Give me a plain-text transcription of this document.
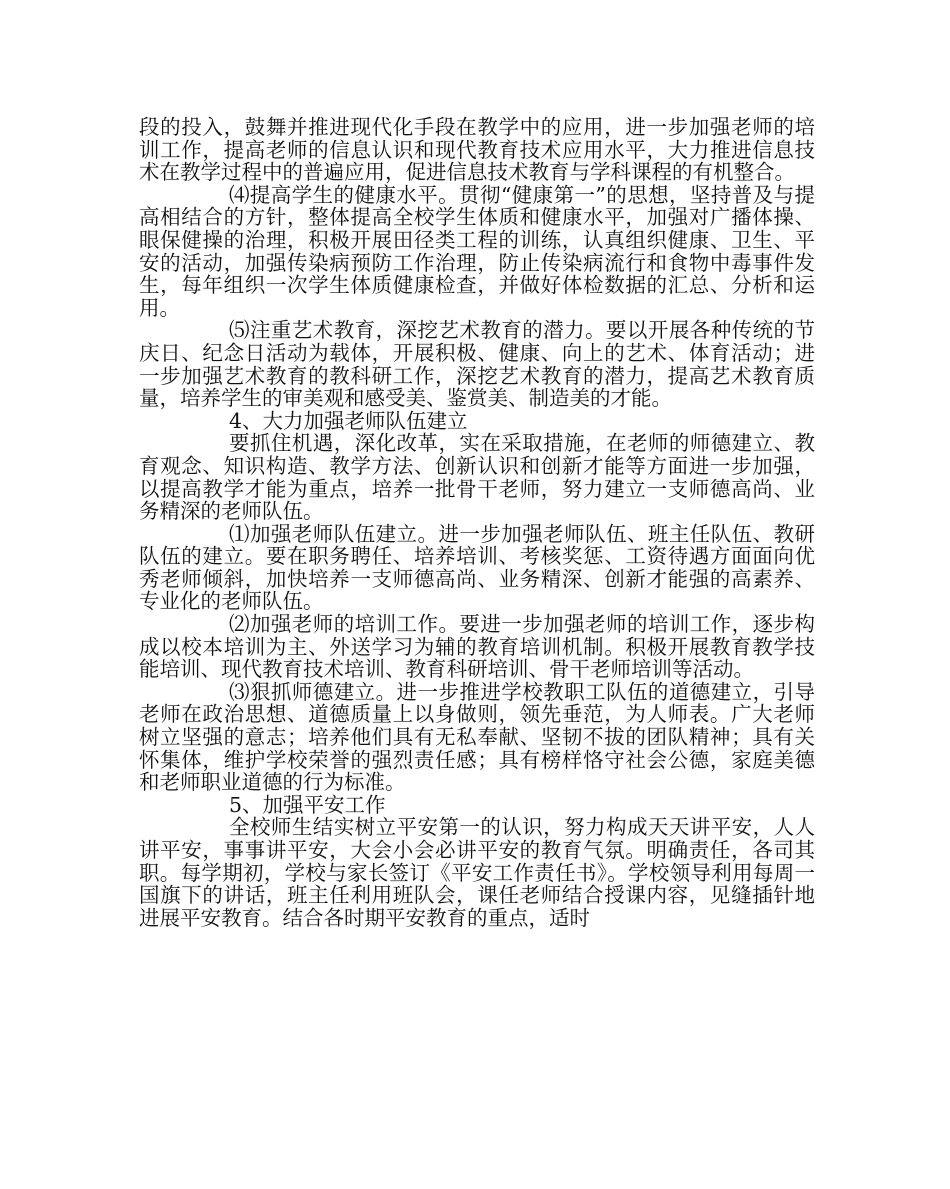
段的投入，鼓舞并推进现代化手段在教学中的应用，进一步加强老师的培训工作，提高老师的信息认识和现代教育技术应用水平，大力推进信息技术在教学过程中的普遍应用，促进信息技术教育与学科课程的有机整合。

⑷提高学生的健康水平。贯彻“健康第一”的思想，坚持普及与提高相结合的方针，整体提高全校学生体质和健康水平，加强对广播体操、眼保健操的治理，积极开展田径类工程的训练，认真组织健康、卫生、平安的活动，加强传染病预防工作治理，防止传染病流行和食物中毒事件发生，每年组织一次学生体质健康检查，并做好体检数据的汇总、分析和运用。

⑸注重艺术教育，深挖艺术教育的潜力。要以开展各种传统的节庆日、纪念日活动为载体，开展积极、健康、向上的艺术、体育活动；进一步加强艺术教育的教科研工作，深挖艺术教育的潜力，提高艺术教育质量，培养学生的审美观和感受美、鉴赏美、制造美的才能。

4、大力加强老师队伍建立

要抓住机遇，深化改革，实在采取措施，在老师的师德建立、教育观念、知识构造、教学方法、创新认识和创新才能等方面进一步加强，以提高教学才能为重点，培养一批骨干老师，努力建立一支师德高尚、业务精深的老师队伍。

⑴加强老师队伍建立。进一步加强老师队伍、班主任队伍、教研队伍的建立。要在职务聘任、培养培训、考核奖惩、工资待遇方面面向优秀老师倾斜，加快培养一支师德高尚、业务精深、创新才能强的高素养、专业化的老师队伍。

⑵加强老师的培训工作。要进一步加强老师的培训工作，逐步构成以校本培训为主、外送学习为辅的教育培训机制。积极开展教育教学技能培训、现代教育技术培训、教育科研培训、骨干老师培训等活动。

⑶狠抓师德建立。进一步推进学校教职工队伍的道德建立，引导老师在政治思想、道德质量上以身做则，领先垂范，为人师表。广大老师树立坚强的意志；培养他们具有无私奉献、坚韧不拔的团队精神；具有关怀集体，维护学校荣誉的强烈责任感；具有榜样恪守社会公德，家庭美德和老师职业道德的行为标准。

5、加强平安工作

全校师生结实树立平安第一的认识，努力构成天天讲平安，人人讲平安，事事讲平安，大会小会必讲平安的教育气氛。明确责任，各司其职。每学期初，学校与家长签订《平安工作责任书》。学校领导利用每周一国旗下的讲话，班主任利用班队会，课任老师结合授课内容，见缝插针地进展平安教育。结合各时期平安教育的重点，适时
